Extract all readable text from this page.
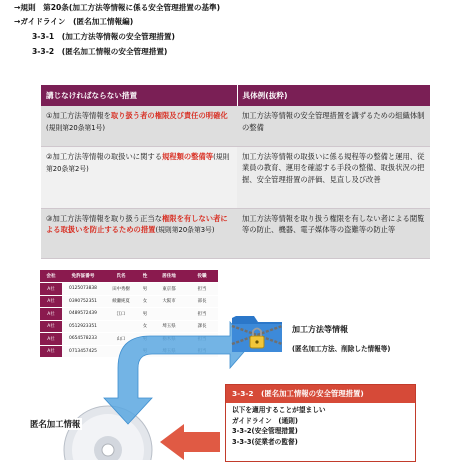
→規則　第20条(加工方法等情報に係る安全管理措置の基準)
→ガイドライン　(匿名加工情報編)
3-3-1　(加工方法等情報の安全管理措置)
3-3-2　(匿名加工情報の安全管理措置)
講じなければならない措置	具体例(抜粋)
①加工方法等情報を取り扱う者の権限及び責任の明確化(規則第20条第1号)	加工方法等情報の安全管理措置を講ずるための組織体制の整備
②加工方法等情報の取扱いに関する規程類の整備等(規則第20条第2号)	加工方法等情報の取扱いに係る規程等の整備と運用、従業員の教育、運用を確認する手段の整備、取扱状況の把握、安全管理措置の評価、見直し及び改善
③加工方法等情報を取り扱う正当な権限を有しない者による取扱いを防止するための措置(規則第20条第3号)	加工方法等情報を取り扱う権限を有しない者による閲覧等の防止、機器、電子媒体等の盗難等の防止等
会社	免許証番号	氏名	性	居住地	役職
A社	0125073838	田中秀樹	男	東京都	担当
A社	0390752351	綾瀬純夏	女	大阪市	部長
A社	0489572439	江口	男		担当
A社	0512923351		女	埼玉県	課長
A社	0654578233	山口			
A社	0713457425				
加工方法等情報
(匿名加工方法、削除した情報等)
匿名加工情報
3-3-2　(匿名加工情報の安全管理措置)
以下を適用することが望ましい
ガイドライン　(通則)
3-3-2(安全管理措置)
3-3-3(従業者の監督)
